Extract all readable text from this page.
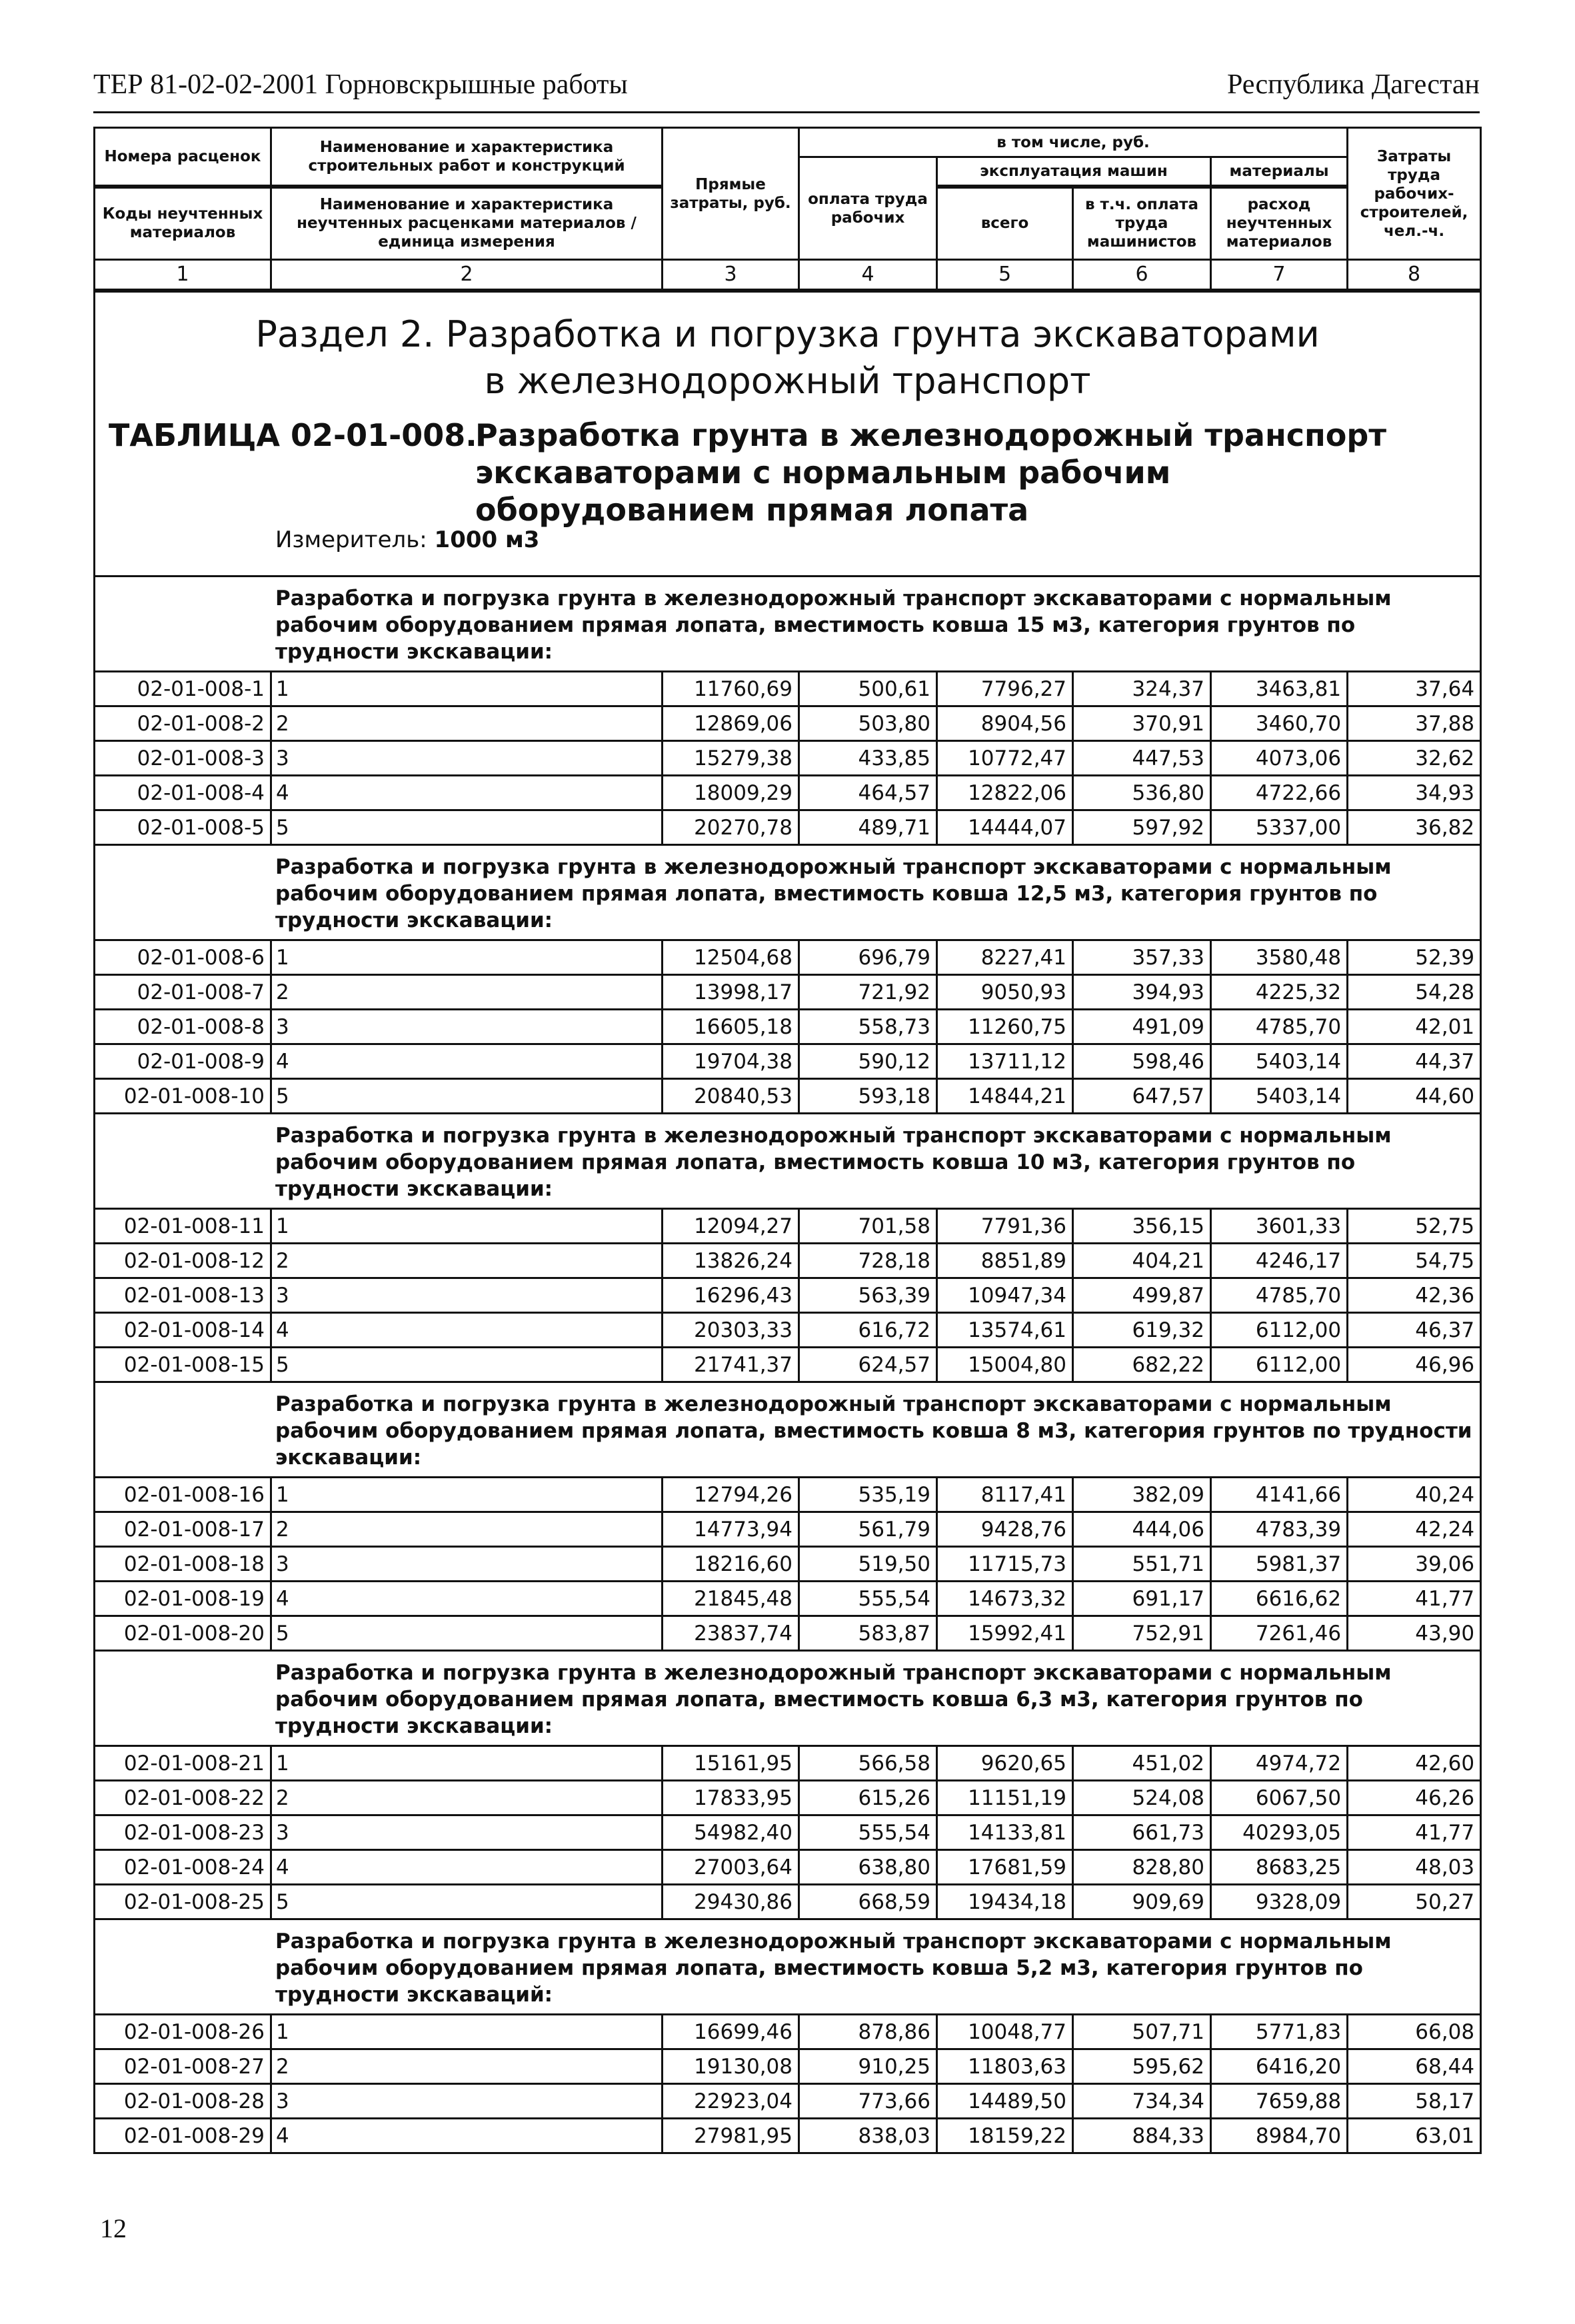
ТЕР 81-02-02-2001 Горновскрышные работы	Республика Дагестан
Номера расценок	Наименование и характеристика строительных работ и конструкций	Прямые затраты, руб.	в том числе, руб.				Затраты труда рабочих-строителей, чел.-ч.
			оплата труда рабочих	эксплуатация машин		материалы	

Коды неучтенных материалов	Наименование и характеристика неучтенных расценками материалов / единица измерения			всего	в т.ч. оплата труда машинистов	расход неучтенных материалов	

1	2	3	4	5	6	7	8

Раздел 2. Разработка и погрузка грунта экскаваторами
в железнодорожный транспорт
ТАБЛИЦА 02-01-008.
Разработка грунта в железнодорожный транспорт экскаваторами с нормальным рабочим оборудованием прямая лопата
Измеритель: 1000 м3							

Разработка и погрузка грунта в железнодорожный транспорт экскаваторами с нормальным рабочим оборудованием прямая лопата, вместимость ковша 15 м3, категория грунтов по трудности экскавации:							
02-01-008-1	1	11760,69	500,61	7796,27	324,37	3463,81	37,64
02-01-008-2	2	12869,06	503,80	8904,56	370,91	3460,70	37,88
02-01-008-3	3	15279,38	433,85	10772,47	447,53	4073,06	32,62
02-01-008-4	4	18009,29	464,57	12822,06	536,80	4722,66	34,93
02-01-008-5	5	20270,78	489,71	14444,07	597,92	5337,00	36,82
Разработка и погрузка грунта в железнодорожный транспорт экскаваторами с нормальным рабочим оборудованием прямая лопата, вместимость ковша 12,5 м3, категория грунтов по трудности экскавации:							
02-01-008-6	1	12504,68	696,79	8227,41	357,33	3580,48	52,39
02-01-008-7	2	13998,17	721,92	9050,93	394,93	4225,32	54,28
02-01-008-8	3	16605,18	558,73	11260,75	491,09	4785,70	42,01
02-01-008-9	4	19704,38	590,12	13711,12	598,46	5403,14	44,37
02-01-008-10	5	20840,53	593,18	14844,21	647,57	5403,14	44,60
Разработка и погрузка грунта в железнодорожный транспорт экскаваторами с нормальным рабочим оборудованием прямая лопата, вместимость ковша 10 м3, категория грунтов по трудности экскавации:							
02-01-008-11	1	12094,27	701,58	7791,36	356,15	3601,33	52,75
02-01-008-12	2	13826,24	728,18	8851,89	404,21	4246,17	54,75
02-01-008-13	3	16296,43	563,39	10947,34	499,87	4785,70	42,36
02-01-008-14	4	20303,33	616,72	13574,61	619,32	6112,00	46,37
02-01-008-15	5	21741,37	624,57	15004,80	682,22	6112,00	46,96
Разработка и погрузка грунта в железнодорожный транспорт экскаваторами с нормальным рабочим оборудованием прямая лопата, вместимость ковша 8 м3, категория грунтов по трудности экскавации:							
02-01-008-16	1	12794,26	535,19	8117,41	382,09	4141,66	40,24
02-01-008-17	2	14773,94	561,79	9428,76	444,06	4783,39	42,24
02-01-008-18	3	18216,60	519,50	11715,73	551,71	5981,37	39,06
02-01-008-19	4	21845,48	555,54	14673,32	691,17	6616,62	41,77
02-01-008-20	5	23837,74	583,87	15992,41	752,91	7261,46	43,90
Разработка и погрузка грунта в железнодорожный транспорт экскаваторами с нормальным рабочим оборудованием прямая лопата, вместимость ковша 6,3 м3, категория грунтов по трудности экскавации:							
02-01-008-21	1	15161,95	566,58	9620,65	451,02	4974,72	42,60
02-01-008-22	2	17833,95	615,26	11151,19	524,08	6067,50	46,26
02-01-008-23	3	54982,40	555,54	14133,81	661,73	40293,05	41,77
02-01-008-24	4	27003,64	638,80	17681,59	828,80	8683,25	48,03
02-01-008-25	5	29430,86	668,59	19434,18	909,69	9328,09	50,27
Разработка и погрузка грунта в железнодорожный транспорт экскаваторами с нормальным рабочим оборудованием прямая лопата, вместимость ковша 5,2 м3, категория грунтов по трудности экскаваций:							
02-01-008-26	1	16699,46	878,86	10048,77	507,71	5771,83	66,08
02-01-008-27	2	19130,08	910,25	11803,63	595,62	6416,20	68,44
02-01-008-28	3	22923,04	773,66	14489,50	734,34	7659,88	58,17
02-01-008-29	4	27981,95	838,03	18159,22	884,33	8984,70	63,01
12
